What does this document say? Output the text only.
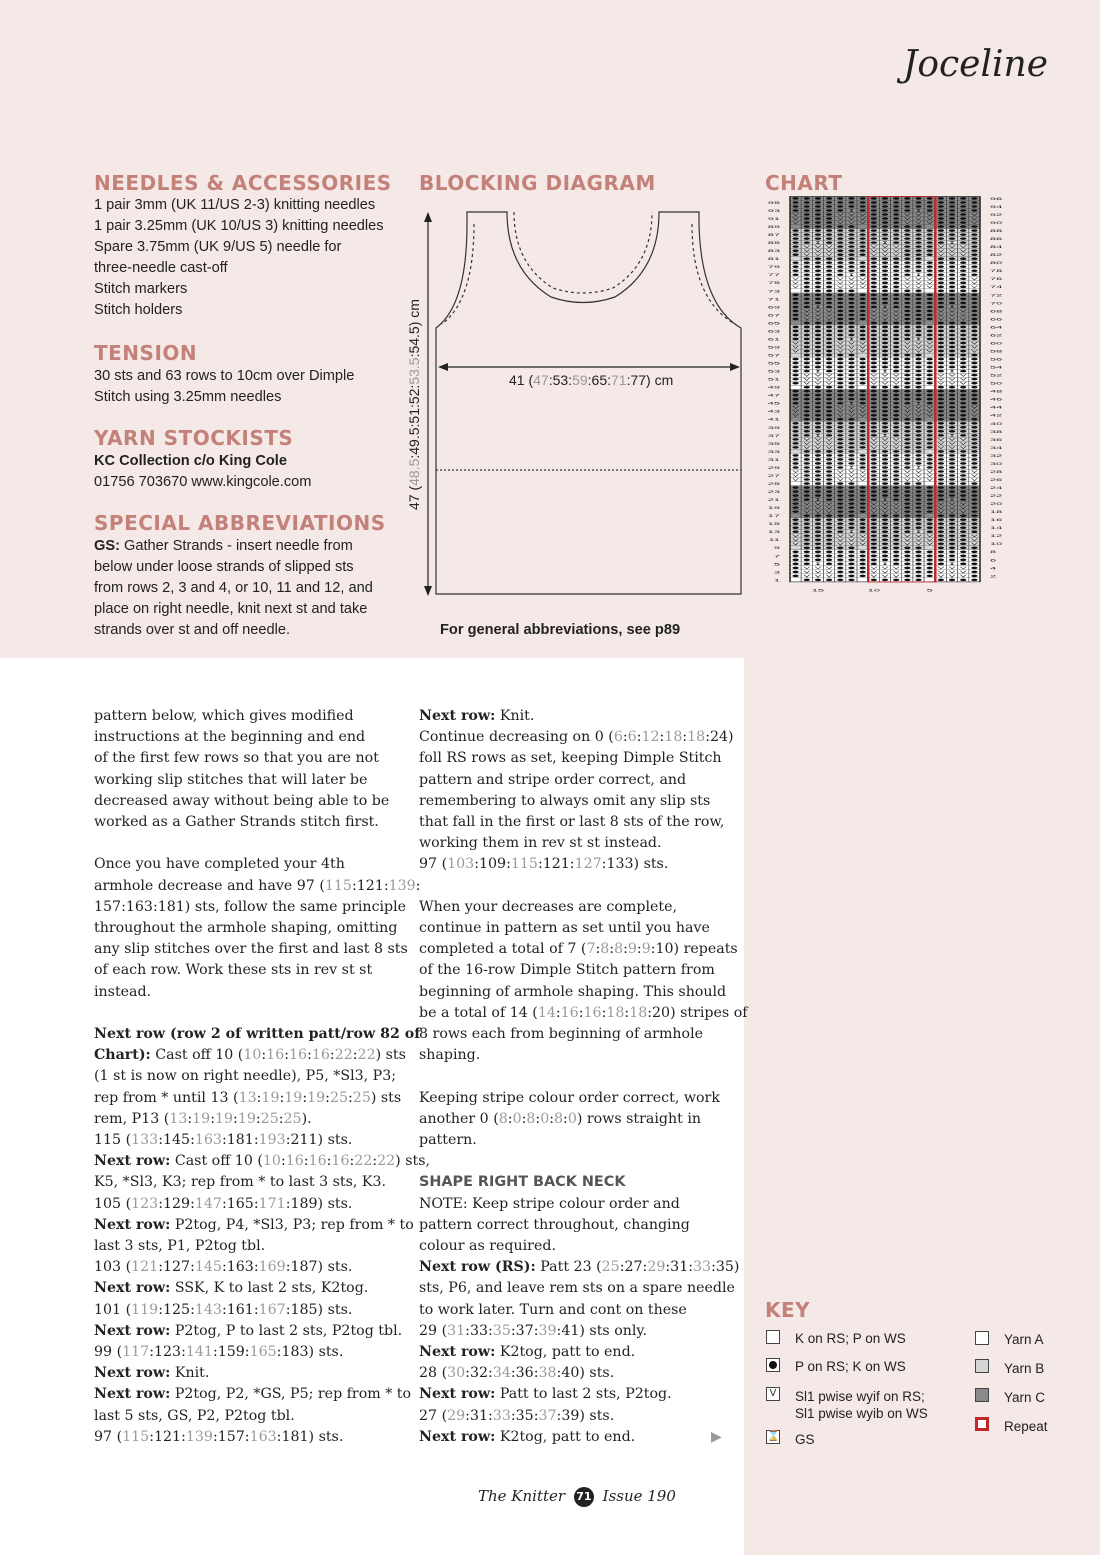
Joceline
NEEDLES & ACCESSORIES
1 pair 3mm (UK 11/US 2-3) knitting needles
1 pair 3.25mm (UK 10/US 3) knitting needles
Spare 3.75mm (UK 9/US 5) needle for
three-needle cast-off
Stitch markers
Stitch holders
TENSION
30 sts and 63 rows to 10cm over Dimple
Stitch using 3.25mm needles
YARN STOCKISTS
KC Collection c/o King Cole
01756 703670 www.kingcole.com
SPECIAL ABBREVIATIONS
GS: Gather Strands - insert needle from
below under loose strands of slipped sts
from rows 2, 3 and 4, or 10, 11 and 12, and
place on right needle, knit next st and take
strands over st and off needle.
BLOCKING DIAGRAM
41 (47:53:59:65:71:77) cm
47 (48.5:49.5:51:52:53.5:54.5) cm
For general abbreviations, see p89
pattern below, which gives modified
instructions at the beginning and end
of the first few rows so that you are not
working slip stitches that will later be
decreased away without being able to be
worked as a Gather Strands stitch first.
Once you have completed your 4th
armhole decrease and have 97 (115:121:139:
157:163:181) sts, follow the same principle
throughout the armhole shaping, omitting
any slip stitches over the first and last 8 sts
of each row. Work these sts in rev st st
instead.
Next row (row 2 of written patt/row 82 of
Chart): Cast off 10 (10:16:16:16:22:22) sts
(1 st is now on right needle), P5, *Sl3, P3;
rep from * until 13 (13:19:19:19:25:25) sts
rem, P13 (13:19:19:19:25:25).
115 (133:145:163:181:193:211) sts.
Next row: Cast off 10 (10:16:16:16:22:22) sts,
K5, *Sl3, K3; rep from * to last 3 sts, K3.
105 (123:129:147:165:171:189) sts.
Next row: P2tog, P4, *Sl3, P3; rep from * to
last 3 sts, P1, P2tog tbl.
103 (121:127:145:163:169:187) sts.
Next row: SSK, K to last 2 sts, K2tog.
101 (119:125:143:161:167:185) sts.
Next row: P2tog, P to last 2 sts, P2tog tbl.
99 (117:123:141:159:165:183) sts.
Next row: Knit.
Next row: P2tog, P2, *GS, P5; rep from * to
last 5 sts, GS, P2, P2tog tbl.
97 (115:121:139:157:163:181) sts.
Next row: Knit.
Continue decreasing on 0 (6:6:12:18:18:24)
foll RS rows as set, keeping Dimple Stitch
pattern and stripe order correct, and
remembering to always omit any slip sts
that fall in the first or last 8 sts of the row,
working them in rev st st instead.
97 (103:109:115:121:127:133) sts.
When your decreases are complete,
continue in pattern as set until you have
completed a total of 7 (7:8:8:9:9:10) repeats
of the 16-row Dimple Stitch pattern from
beginning of armhole shaping. This should
be a total of 14 (14:16:16:18:18:20) stripes of
8 rows each from beginning of armhole
shaping.
Keeping stripe colour order correct, work
another 0 (8:0:8:0:8:0) rows straight in
pattern.
SHAPE RIGHT BACK NECK
NOTE: Keep stripe colour order and
pattern correct throughout, changing
colour as required.
Next row (RS): Patt 23 (25:27:29:31:33:35)
sts, P6, and leave rem sts on a spare needle
to work later. Turn and cont on these
29 (31:33:35:37:39:41) sts only.
Next row: K2tog, patt to end.
28 (30:32:34:36:38:40) sts.
Next row: Patt to last 2 sts, P2tog.
27 (29:31:33:35:37:39) sts.
Next row: K2tog, patt to end.	▶
CHART
95
93
91
89
87
85
83
81
79
77
75
73
71
69
67
65
63
61
59
57
55
53
51
49
47
45
43
41
39
37
35
33
31
29
27
25
23
21
19
17
15
13
11
9
7
5
3
1
96
94
92
90
88
86
84
82
80
78
76
74
72
70
68
66
64
62
60
58
56
54
52
50
48
46
44
42
40
38
36
34
32
30
28
26
24
22
20
18
16
14
12
10
8
6
4
2
15	10	5
KEY
K on RS; P on WS
P on RS; K on WS
V Sl1 pwise wyif on RS;
Sl1 pwise wyib on WS
⌛ GS
Yarn A
Yarn B
Yarn C
Repeat
The Knitter 71 Issue 190
